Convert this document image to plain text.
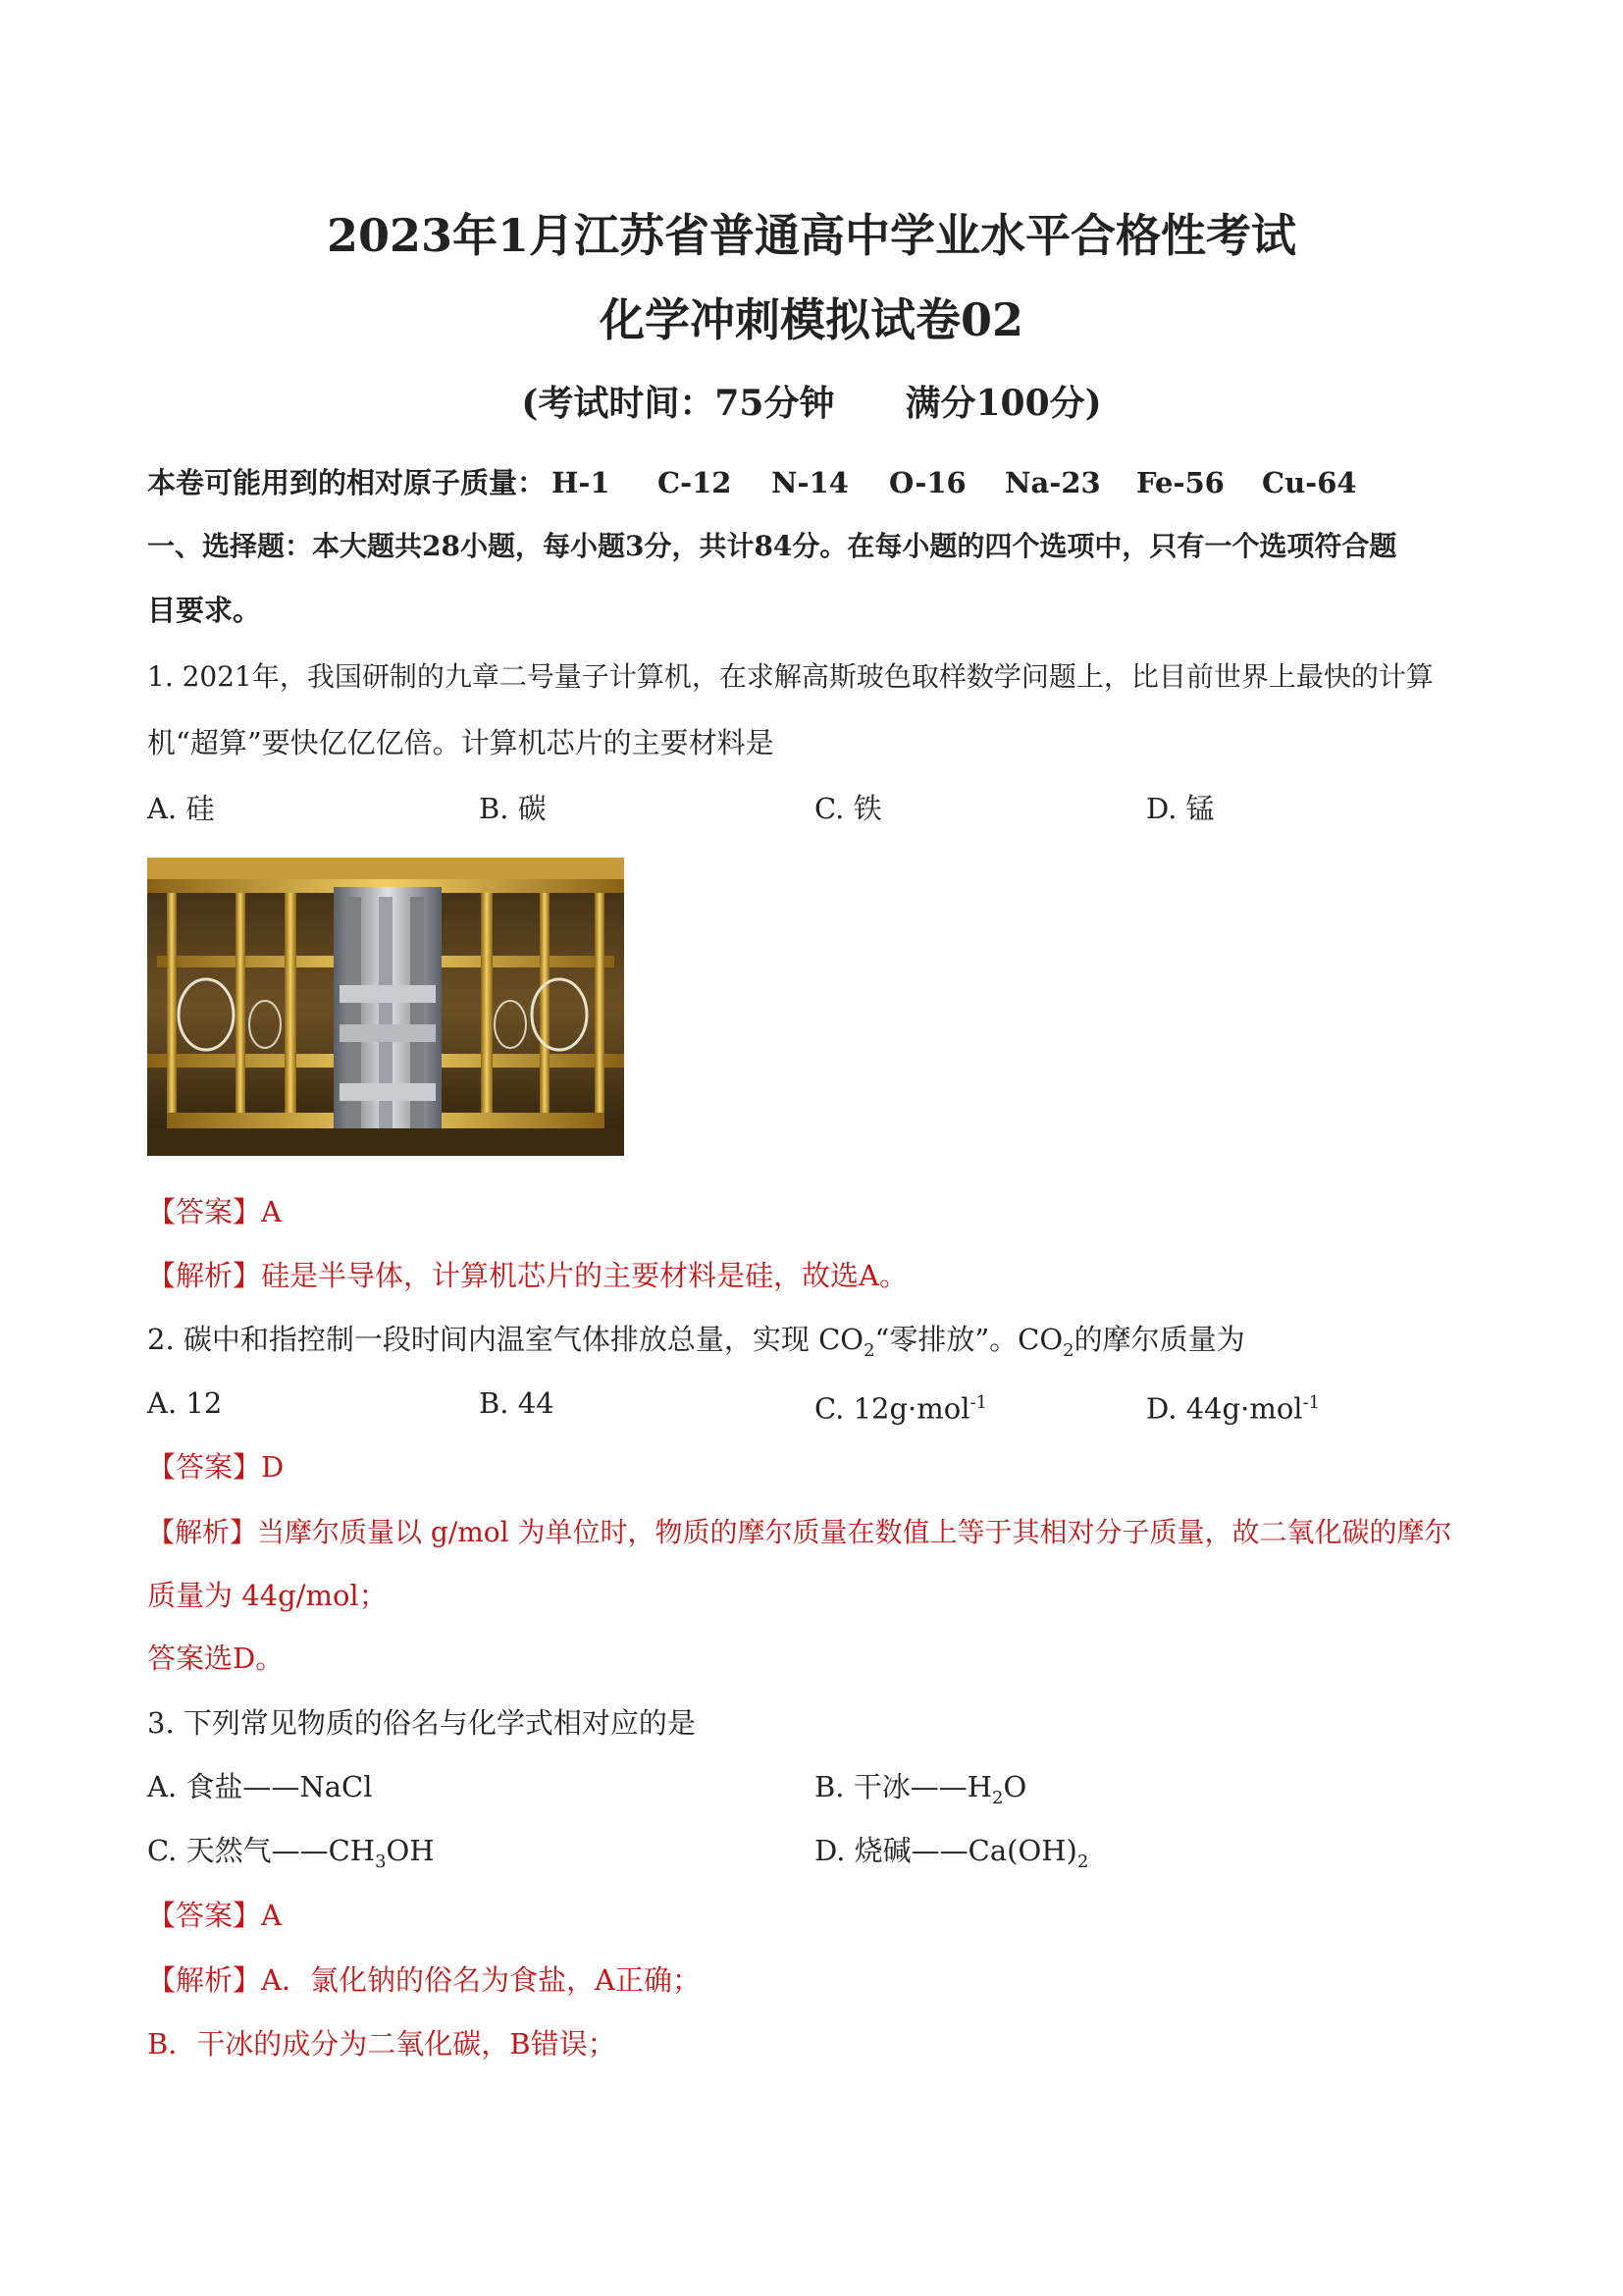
2023年1月江苏省普通高中学业水平合格性考试
化学冲刺模拟试卷02
(考试时间：75分钟　　满分100分)
本卷可能用到的相对原子质量： H-1 C-12 N-14 O-16 Na-23 Fe-56 Cu-64
一、选择题：本大题共28小题，每小题3分，共计84分。在每小题的四个选项中，只有一个选项符合题
目要求。
1. 2021年，我国研制的九章二号量子计算机，在求解高斯玻色取样数学问题上，比目前世界上最快的计算
机“超算”要快亿亿亿倍。计算机芯片的主要材料是
A. 硅	B. 碳	C. 铁	D. 锰
【答案】A
【解析】硅是半导体，计算机芯片的主要材料是硅，故选A。
2. 碳中和指控制一段时间内温室气体排放总量，实现 $CO_2“$零排放”。$CO_2$的摩尔质量为
A. 12	B. 44	C. 12g·mol$^{-1}$	D. 44g·mol$^{-1}$
【答案】D
【解析】当摩尔质量以 g/mol 为单位时，物质的摩尔质量在数值上等于其相对分子质量，故二氧化碳的摩尔
质量为 44g/mol；
答案选D。
3. 下列常见物质的俗名与化学式相对应的是
A. 食盐——NaCl	B. 干冰$——H_2O$
C. 天然气$——CH_3OH$	D. 烧碱$——Ca(OH)_2$
【答案】A
【解析】A．氯化钠的俗名为食盐，A正确；
B．干冰的成分为二氧化碳，B错误；
